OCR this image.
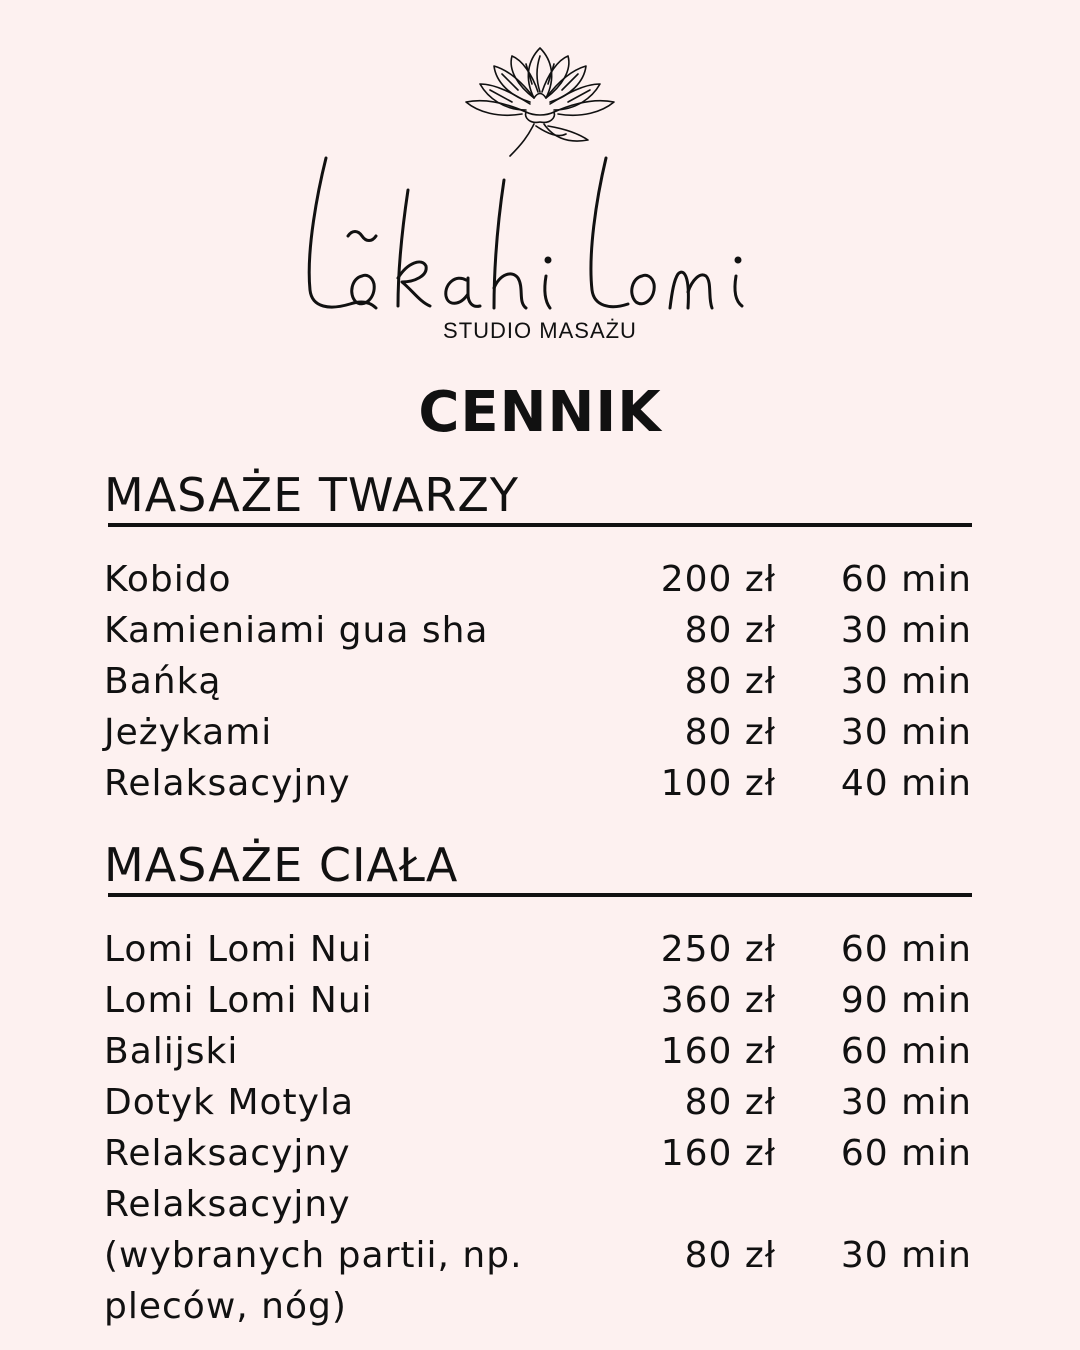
STUDIO MASAŻU
CENNIK
MASAŻE TWARZY
Kobido	200 zł 60 min
Kamieniami gua sha	80 zł 30 min
Bańką	80 zł 30 min
Jeżykami	80 zł 30 min
Relaksacyjny	100 zł 40 min
MASAŻE CIAŁA
Lomi Lomi Nui	250 zł 60 min
Lomi Lomi Nui	360 zł 90 min
Balijski	160 zł 60 min
Dotyk Motyla	80 zł 30 min
Relaksacyjny	160 zł 60 min
Relaksacyjny
(wybranych partii, np.	80 zł 30 min
pleców, nóg)
